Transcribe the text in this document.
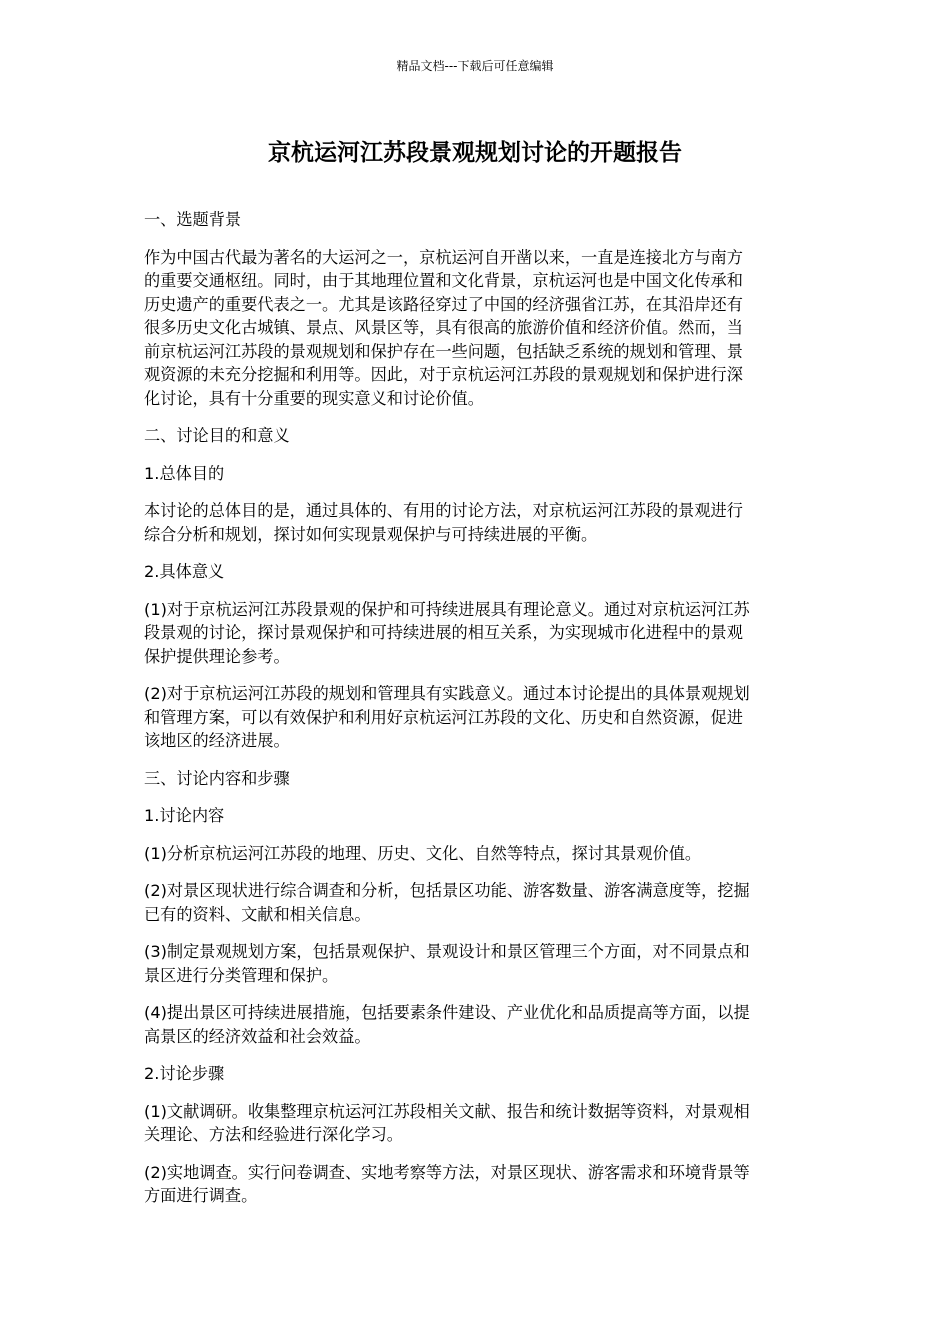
精品文档---下载后可任意编辑
京杭运河江苏段景观规划讨论的开题报告

一、选题背景

作为中国古代最为著名的大运河之一，京杭运河自开凿以来，一直是连接北方与南方
的重要交通枢纽。同时，由于其地理位置和文化背景，京杭运河也是中国文化传承和
历史遗产的重要代表之一。尤其是该路径穿过了中国的经济强省江苏，在其沿岸还有
很多历史文化古城镇、景点、风景区等，具有很高的旅游价值和经济价值。然而，当
前京杭运河江苏段的景观规划和保护存在一些问题，包括缺乏系统的规划和管理、景
观资源的未充分挖掘和利用等。因此，对于京杭运河江苏段的景观规划和保护进行深
化讨论，具有十分重要的现实意义和讨论价值。

二、讨论目的和意义

1.总体目的

本讨论的总体目的是，通过具体的、有用的讨论方法，对京杭运河江苏段的景观进行
综合分析和规划，探讨如何实现景观保护与可持续进展的平衡。

2.具体意义

(1)对于京杭运河江苏段景观的保护和可持续进展具有理论意义。通过对京杭运河江苏
段景观的讨论，探讨景观保护和可持续进展的相互关系，为实现城市化进程中的景观
保护提供理论参考。

(2)对于京杭运河江苏段的规划和管理具有实践意义。通过本讨论提出的具体景观规划
和管理方案，可以有效保护和利用好京杭运河江苏段的文化、历史和自然资源，促进
该地区的经济进展。

三、讨论内容和步骤

1.讨论内容

(1)分析京杭运河江苏段的地理、历史、文化、自然等特点，探讨其景观价值。

(2)对景区现状进行综合调查和分析，包括景区功能、游客数量、游客满意度等，挖掘
已有的资料、文献和相关信息。

(3)制定景观规划方案，包括景观保护、景观设计和景区管理三个方面，对不同景点和
景区进行分类管理和保护。

(4)提出景区可持续进展措施，包括要素条件建设、产业优化和品质提高等方面，以提
高景区的经济效益和社会效益。

2.讨论步骤

(1)文献调研。收集整理京杭运河江苏段相关文献、报告和统计数据等资料，对景观相
关理论、方法和经验进行深化学习。

(2)实地调查。实行问卷调查、实地考察等方法，对景区现状、游客需求和环境背景等
方面进行调查。
